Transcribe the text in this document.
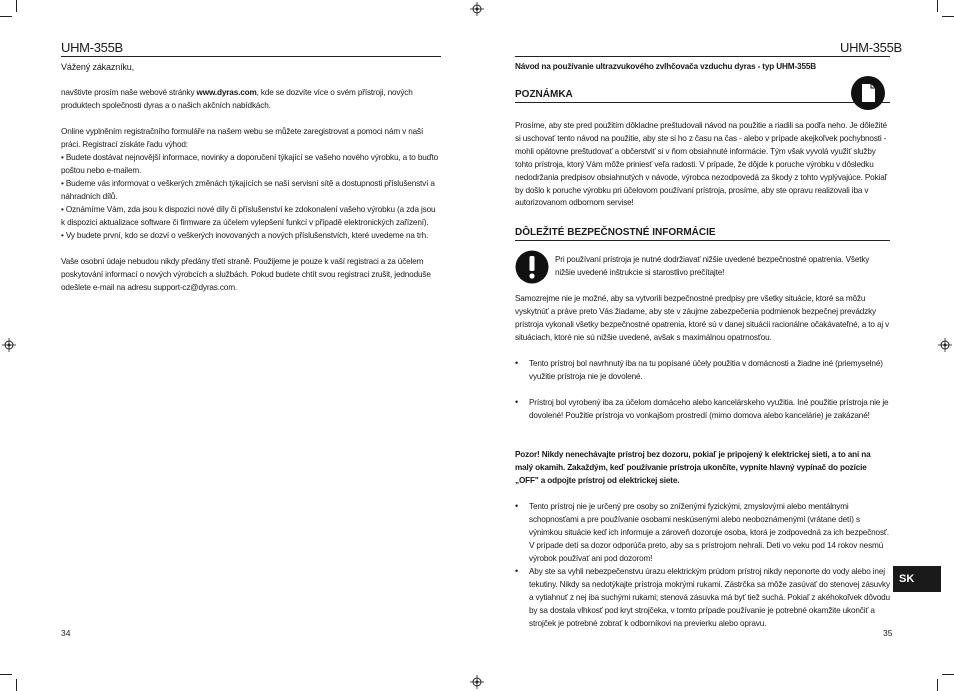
UHM-355B
Vážený zákazníku,
navštivte prosím naše webové stránky www.dyras.com, kde se dozvíte více o svém přístroji, nových produktech společnosti dyras a o našich akčních nabídkách.
Online vyplněním registračního formuláře na našem webu se můžete zaregistrovat a pomoci nám v naší práci. Registrací získáte řadu výhod:
• Budete dostávat nejnovější informace, novinky a doporučení týkající se vašeho nového výrobku, a to buďto poštou nebo e-mailem.
• Budeme vás informovat o veškerých změnách týkajících se naší servisní sítě a dostupnosti příslušenství a náhradních dílů.
• Oznámíme Vám, zda jsou k dispozici nové díly či příslušenství ke zdokonalení vašeho výrobku (a zda jsou k dispozici aktualizace software či firmware za účelem vylepšení funkcí v případě elektronických zařízení).
• Vy budete první, kdo se dozví o veškerých inovovaných a nových příslušenstvích, které uvedeme na trh.
Vaše osobní údaje nebudou nikdy předány třetí straně. Použijeme je pouze k vaší registraci a za účelem poskytování informací o nových výrobcích a službách. Pokud budete chtít svou registraci zrušit, jednoduše odešlete e-mail na adresu support-cz@dyras.com.
34
UHM-355B
Návod na používanie ultrazvukového zvlhčovača vzduchu dyras - typ UHM-355B
POZNÁMKA
Prosíme, aby ste pred použitím dôkladne preštudovali návod na použitie a riadili sa podľa neho. Je dôležité si uschovať tento návod na použitie, aby ste si ho z času na čas - alebo v prípade akejkoľvek pochybnosti - mohli opätovne preštudovať a občerstviť si v ňom obsiahnuté informácie. Tým však vyvolá využiť služby tohto prístroja, ktorý Vám môže priniesť veľa radosti. V prípade, že dôjde k poruche výrobku v dôsledku nedodržania predpisov obsiahnutých v návode, výrobca nezodpovedá za škody z tohto vyplývajúce. Pokiaľ by došlo k poruche výrobku pri účelovom používaní prístroja, prosíme, aby ste opravu realizovali iba v autorizovanom odbornom servise!
DÔLEŽITÉ BEZPEČNOSTNÉ INFORMÁCIE
Pri používaní prístroja je nutné dodržiavať nižšie uvedené bezpečnostné opatrenia. Všetky nižšie uvedené inštrukcie si starostlivo prečítajte!
Samozrejme nie je možné, aby sa vytvorili bezpečnostné predpisy pre všetky situácie, ktoré sa môžu vyskytnúť a práve preto Vás žiadame, aby ste v záujme zabezpečenia podmienok bezpečnej prevádzky prístroja vykonali všetky bezpečnostné opatrenia, ktoré sú v danej situácii racionálne očakávateľné, a to aj v situáciach, ktoré nie sú nižšie uvedené, avšak s maximálnou opatrnosťou.
• Tento prístroj bol navrhnutý iba na tu popísané účely použitia v domácnosti a žiadne iné (priemyselné) využitie prístroja nie je dovolené.
• Prístroj bol vyrobený iba za účelom domáceho alebo kancelárskeho využitia. Iné použitie prístroja nie je dovolené! Použitie prístroja vo vonkajšom prostredí (mimo domova alebo kancelárie) je zakázané!
Pozor! Nikdy nenechávajte prístroj bez dozoru, pokiaľ je pripojený k elektrickej sieti, a to ani na malý okamih. Zakaždým, keď používanie prístroja ukončíte, vypnite hlavný vypínač do pozície „OFF" a odpojte prístroj od elektrickej siete.
• Tento prístroj nie je určený pre osoby so zníženými fyzickými, zmyslovými alebo mentálnymi schopnosťami a pre používanie osobami neskúsenými alebo neoboznámenými (vrátane detí) s výnimkou situácie keď ich informuje a zároveň dozoruje osoba, ktorá je zodpovedná za ich bezpečnosť. V prípade detí sa dozor odporúča preto, aby sa s prístrojom nehrali. Deti vo veku pod 14 rokov nesmú výrobok používať ani pod dozorom!
• Aby ste sa vyhli nebezpečenstvu úrazu elektrickým prúdom prístroj nikdy neponorte do vody alebo inej tekutiny. Nikdy sa nedotýkajte prístroja mokrými rukami. Zástrčka sa môže zasúvať do stenovej zásuvky a vytiahnuť z nej iba suchými rukami; stenová zásuvka má byť tiež suchá. Pokiaľ z akéhokoľvek dôvodu by sa dostala vlhkosť pod kryt strojčeka, v tomto prípade používanie je potrebné okamžite ukončiť a strojček je potrebné zobrať k odborníkovi na previerku alebo opravu.
35
SK
